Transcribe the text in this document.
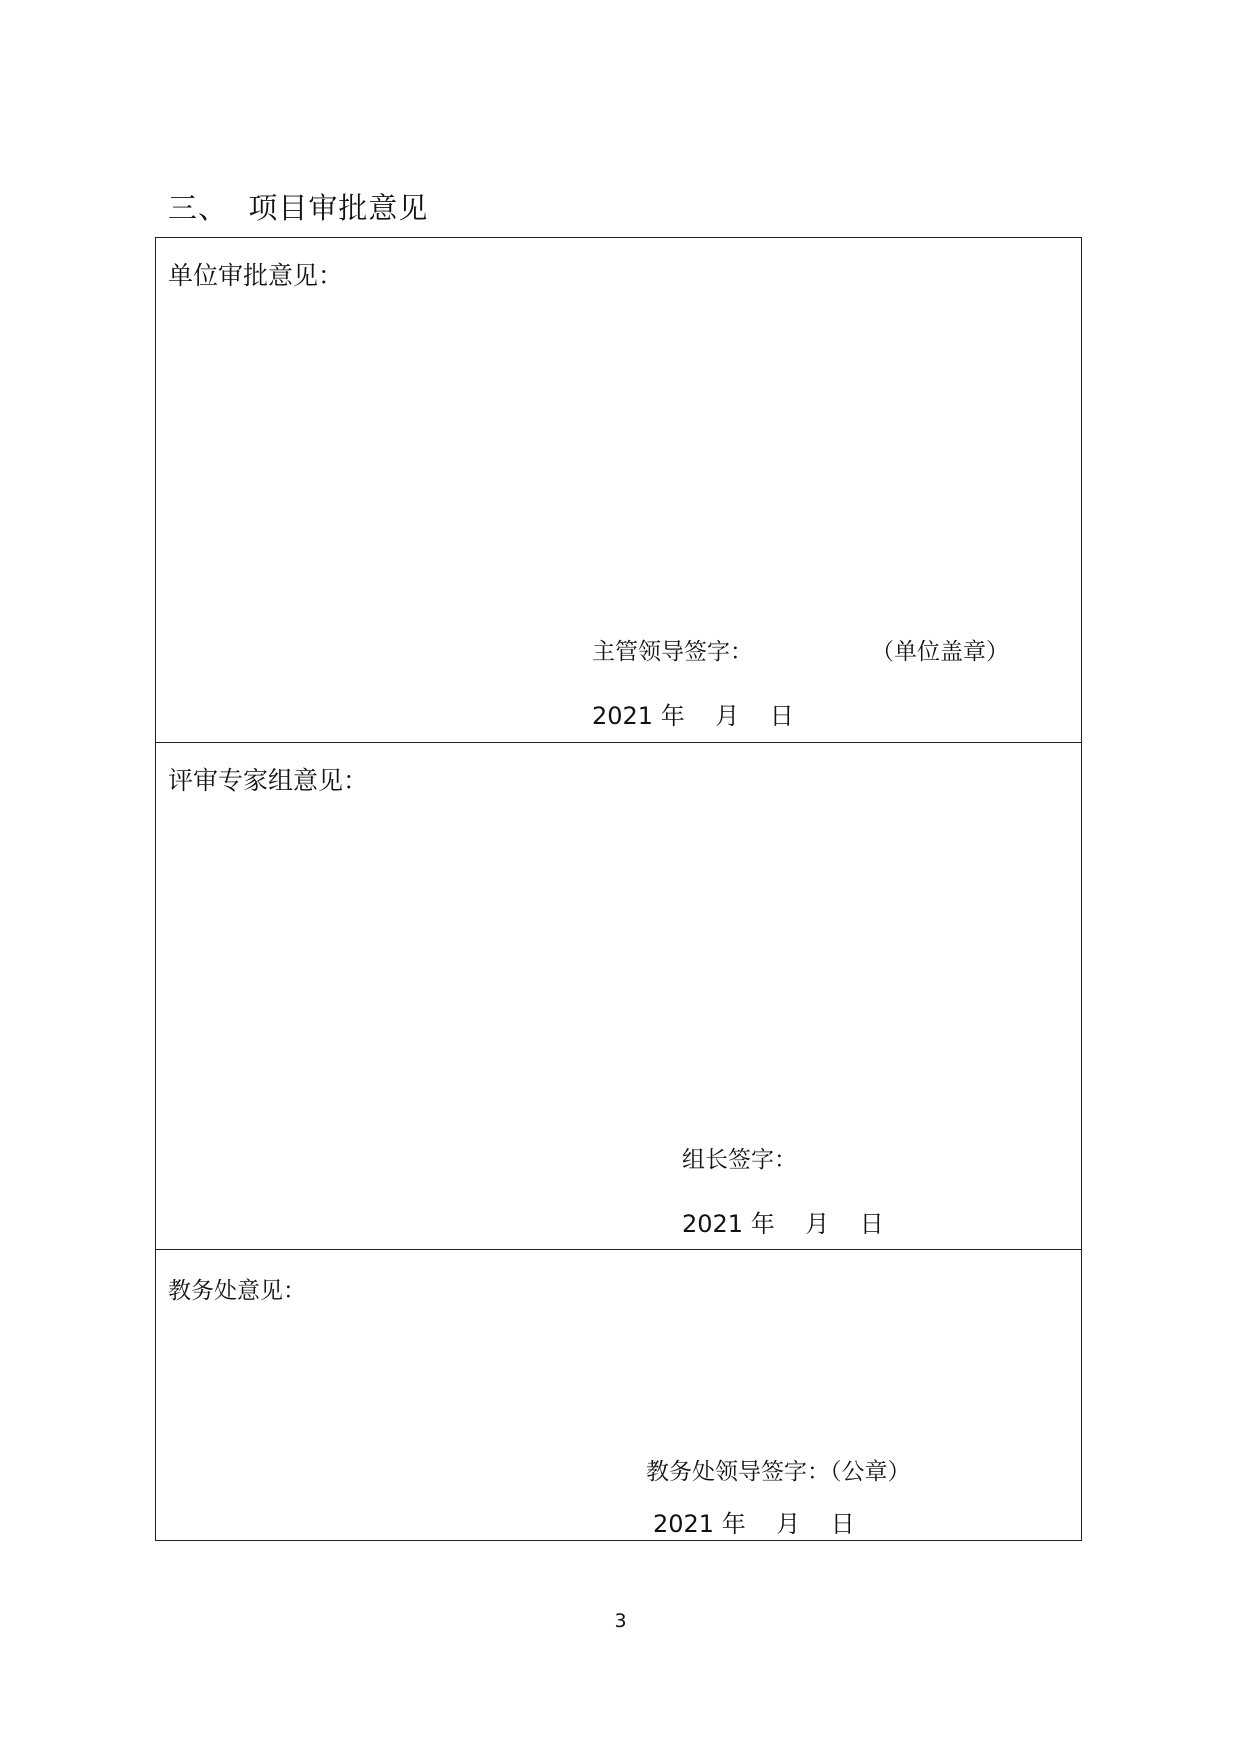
三、  项目审批意见
单位审批意见：
主管领导签字：	（单位盖章）
2021 年    月    日
评审专家组意见：
组长签字：
2021 年    月    日
教务处意见：
教务处领导签字：（公章）
2021 年    月    日
3
